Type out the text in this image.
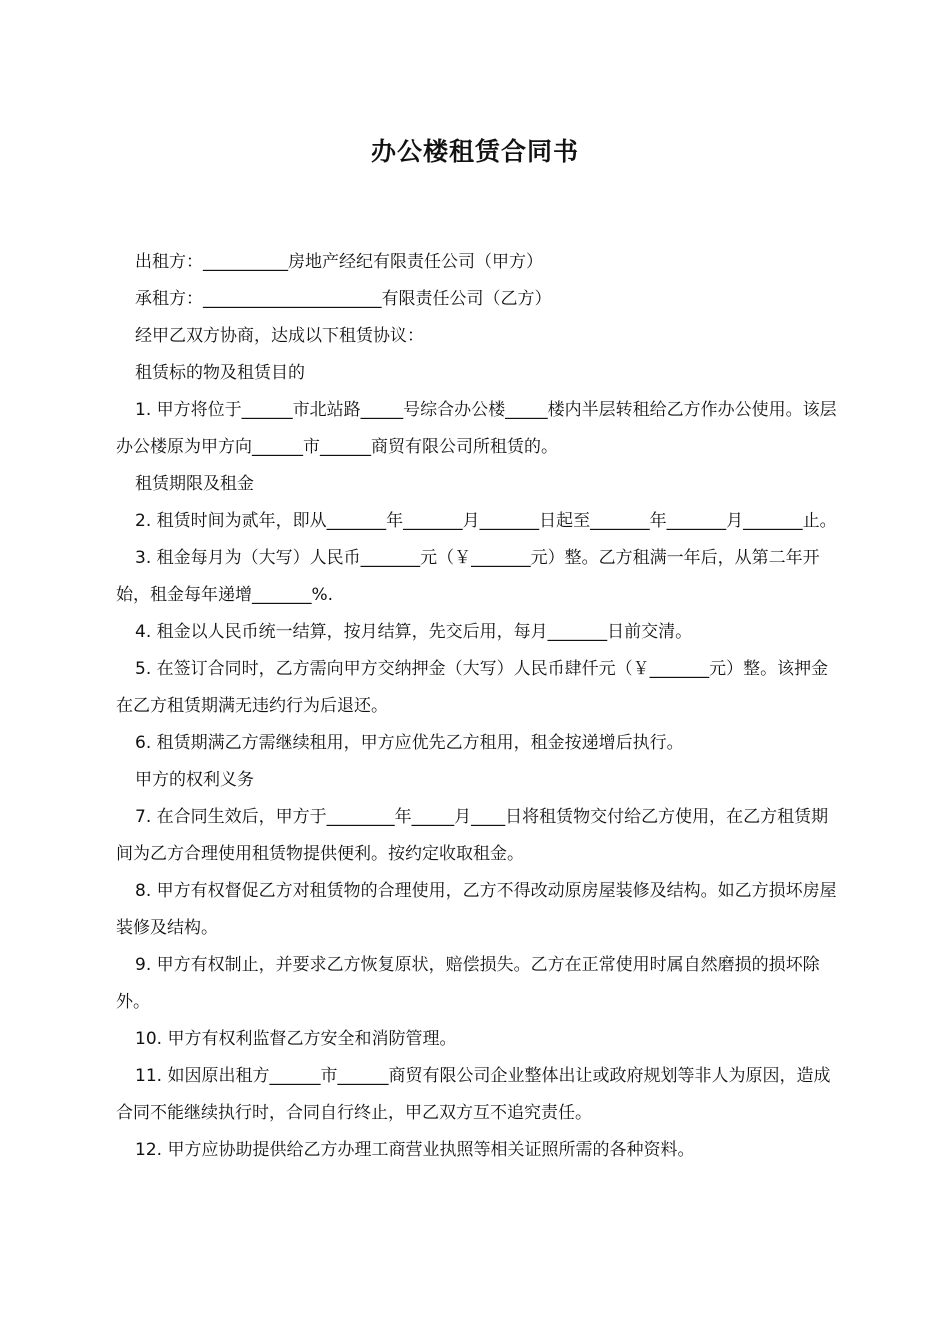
办公楼租赁合同书

出租方：__________房地产经纪有限责任公司（甲方）

承租方：_____________________有限责任公司（乙方）

经甲乙双方协商，达成以下租赁协议：

租赁标的物及租赁目的

1. 甲方将位于______市北站路_____号综合办公楼_____楼内半层转租给乙方作办公使用。该层办公楼原为甲方向______市______商贸有限公司所租赁的。

租赁期限及租金

2. 租赁时间为贰年，即从_______年_______月_______日起至_______年_______月_______止。

3. 租金每月为（大写）人民币_______元（￥_______元）整。乙方租满一年后，从第二年开始，租金每年递增_______%.

4. 租金以人民币统一结算，按月结算，先交后用，每月_______日前交清。

5. 在签订合同时，乙方需向甲方交纳押金（大写）人民币肆仟元（￥_______元）整。该押金在乙方租赁期满无违约行为后退还。

6. 租赁期满乙方需继续租用，甲方应优先乙方租用，租金按递增后执行。

甲方的权利义务

7. 在合同生效后，甲方于________年_____月____日将租赁物交付给乙方使用，在乙方租赁期间为乙方合理使用租赁物提供便利。按约定收取租金。

8. 甲方有权督促乙方对租赁物的合理使用，乙方不得改动原房屋装修及结构。如乙方损坏房屋装修及结构。

9. 甲方有权制止，并要求乙方恢复原状，赔偿损失。乙方在正常使用时属自然磨损的损坏除外。

10. 甲方有权利监督乙方安全和消防管理。

11. 如因原出租方______市______商贸有限公司企业整体出让或政府规划等非人为原因，造成合同不能继续执行时，合同自行终止，甲乙双方互不追究责任。

12. 甲方应协助提供给乙方办理工商营业执照等相关证照所需的各种资料。
